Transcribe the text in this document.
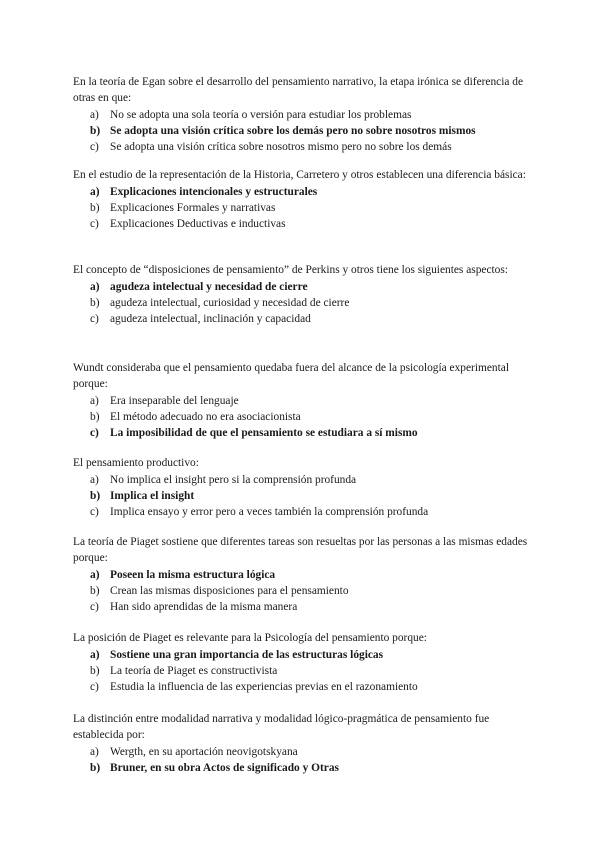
En la teoría de Egan sobre el desarrollo del pensamiento narrativo, la etapa irónica se diferencia de otras en que:

a) No se adopta una sola teoría o versión para estudiar los problemas
b) Se adopta una visión crítica sobre los demás pero no sobre nosotros mismos
c) Se adopta una visión crítica sobre nosotros mismo pero no sobre los demás

En el estudio de la representación de la Historia, Carretero y otros establecen una diferencia básica:

a) Explicaciones intencionales y estructurales
b) Explicaciones Formales y narrativas
c) Explicaciones Deductivas e inductivas

El concepto de “disposiciones de pensamiento” de Perkins y otros tiene los siguientes aspectos:

a) agudeza intelectual y necesidad de cierre
b) agudeza intelectual, curiosidad y necesidad de cierre
c) agudeza intelectual, inclinación y capacidad

Wundt consideraba que el pensamiento quedaba fuera del alcance de la psicología experimental porque:

a) Era inseparable del lenguaje
b) El método adecuado no era asociacionista
c) La imposibilidad de que el pensamiento se estudiara a sí mismo

El pensamiento productivo:

a) No implica el insight pero si la comprensión profunda
b) Implica el insight
c) Implica ensayo y error pero a veces también la comprensión profunda

La teoría de Piaget sostiene que diferentes tareas son resueltas por las personas a las mismas edades porque:

a) Poseen la misma estructura lógica
b) Crean las mismas disposiciones para el pensamiento
c) Han sido aprendidas de la misma manera

La posición de Piaget es relevante para la Psicología del pensamiento porque:

a) Sostiene una gran importancia de las estructuras lógicas
b) La teoría de Piaget es constructivista
c) Estudia la influencia de las experiencias previas en el razonamiento

La distinción entre modalidad narrativa y modalidad lógico-pragmática de pensamiento fue establecida por:

a) Wergth, en su aportación neovigotskyana
b) Bruner, en su obra Actos de significado y Otras
